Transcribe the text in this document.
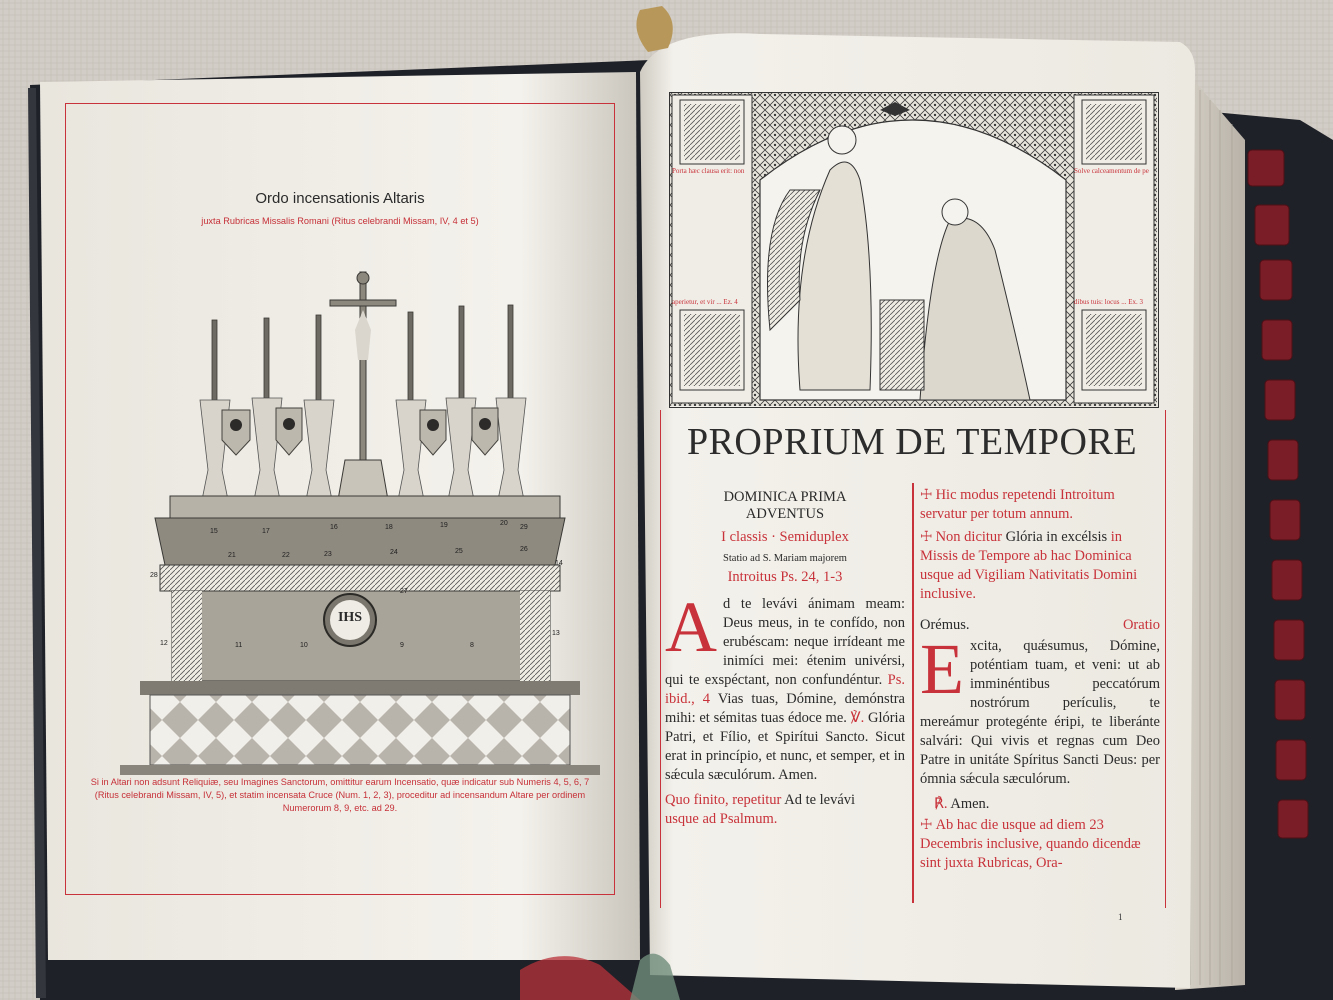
Ordo incensationis Altaris
juxta Rubricas Missalis Romani (Ritus celebrandi Missam, IV, 4 et 5)
Si in Altari non adsunt Reliquiæ, seu Imagines Sanctorum, omittitur earum Incensatio, quæ indicatur sub Numeris 4, 5, 6, 7 (Ritus celebrandi Missam, IV, 5), et statim incensata Cruce (Num. 1, 2, 3), proceditur ad incensandum Altare per ordinem Numerorum 8, 9, etc. ad 29.
IHS
15	17
16	18	19	20
21	22	23	24	25	26
14
13
12	11	10	9	8
28
29
27
Porta hæc clausa erit: non
aperietur, et vir ... Ez. 4
Solve calceamentum de pe
dibus tuis: locus ... Ex. 3
PROPRIUM DE TEMPORE

DOMINICA PRIMA

ADVENTUS

I classis · Semiduplex

Statio ad S. Mariam majorem

Introitus Ps. 24, 1-3

A d te levávi ánimam meam: Deus meus, in te confído, non erubéscam: neque irrídeant me inimíci mei: étenim univérsi, qui te exspéctant, non confundéntur. Ps. ibid., 4 Vias tuas, Dómine, demónstra mihi: et sémitas tuas édoce me. ℣. Glória Patri, et Fílio, et Spirítui Sancto. Sicut erat in princípio, et nunc, et semper, et in sǽcula sæculórum. Amen.

Quo finito, repetitur Ad te levávi
usque ad Psalmum.

☩ Hic modus repetendi Introitum servatur per totum annum.

☩ Non dicitur Glória in excélsis in Missis de Tempore ab hac Dominica usque ad Vigiliam Nativitatis Domini inclusive.

Orémus.	Oratio

E xcita, quǽsumus, Dómine, poténtiam tuam, et veni: ut ab imminéntibus peccatórum nostrórum perículis, te mereámur protegénte éripi, te liberánte salvári: Qui vivis et regnas cum Deo Patre in unitáte Spíritus Sancti Deus: per ómnia sǽcula sæculórum.

℟. Amen.

☩ Ab hac die usque ad diem 23 Decembris inclusive, quando dicendæ sint juxta Rubricas, Ora-

1
